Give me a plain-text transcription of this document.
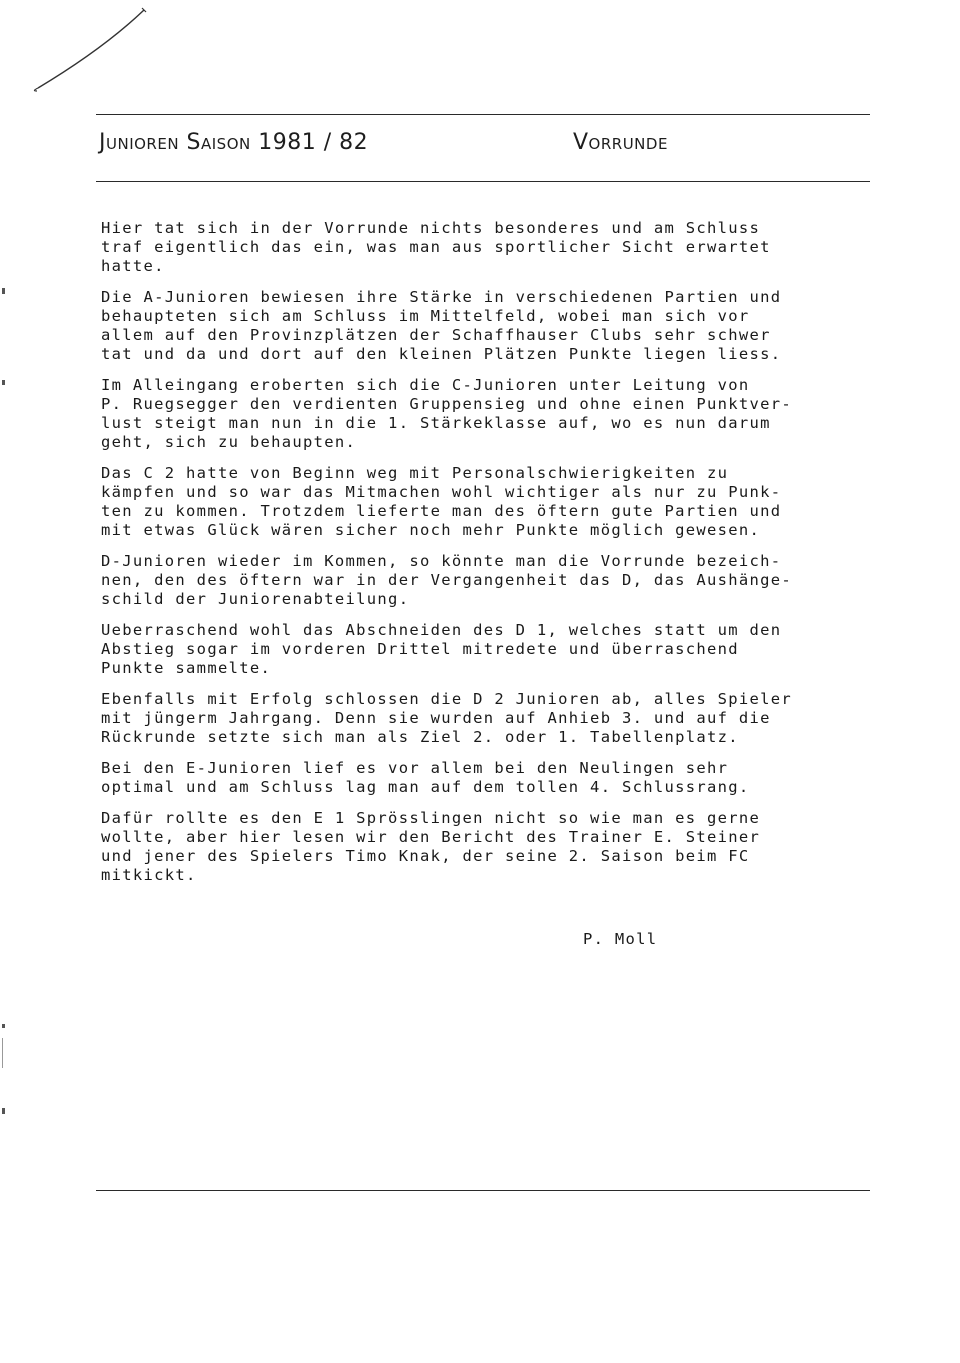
Junioren Saison 1981 / 82	Vorrunde
Hier tat sich in der Vorrunde nichts besonderes und am Schluss
traf eigentlich das ein, was man aus sportlicher Sicht erwartet
hatte.
Die A-Junioren bewiesen ihre Stärke in verschiedenen Partien und
behaupteten sich am Schluss im Mittelfeld, wobei man sich vor
allem auf den Provinzplätzen der Schaffhauser Clubs sehr schwer
tat und da und dort auf den kleinen Plätzen Punkte liegen liess.
Im Alleingang eroberten sich die C-Junioren unter Leitung von
P. Ruegsegger den verdienten Gruppensieg und ohne einen Punktver-
lust steigt man nun in die 1. Stärkeklasse auf, wo es nun darum
geht, sich zu behaupten.
Das C 2 hatte von Beginn weg mit Personalschwierigkeiten zu
kämpfen und so war das Mitmachen wohl wichtiger als nur zu Punk-
ten zu kommen. Trotzdem lieferte man des öftern gute Partien und
mit etwas Glück wären sicher noch mehr Punkte möglich gewesen.
D-Junioren wieder im Kommen, so könnte man die Vorrunde bezeich-
nen, den des öftern war in der Vergangenheit das D, das Aushänge-
schild der Juniorenabteilung.
Ueberraschend wohl das Abschneiden des D 1, welches statt um den
Abstieg sogar im vorderen Drittel mitredete und überraschend
Punkte sammelte.
Ebenfalls mit Erfolg schlossen die D 2 Junioren ab, alles Spieler
mit jüngerm Jahrgang. Denn sie wurden auf Anhieb 3. und auf die
Rückrunde setzte sich man als Ziel 2. oder 1. Tabellenplatz.
Bei den E-Junioren lief es vor allem bei den Neulingen sehr
optimal und am Schluss lag man auf dem tollen 4. Schlussrang.
Dafür rollte es den E 1 Sprösslingen nicht so wie man es gerne
wollte, aber hier lesen wir den Bericht des Trainer E. Steiner
und jener des Spielers Timo Knak, der seine 2. Saison beim FC
mitkickt.
P. Moll
